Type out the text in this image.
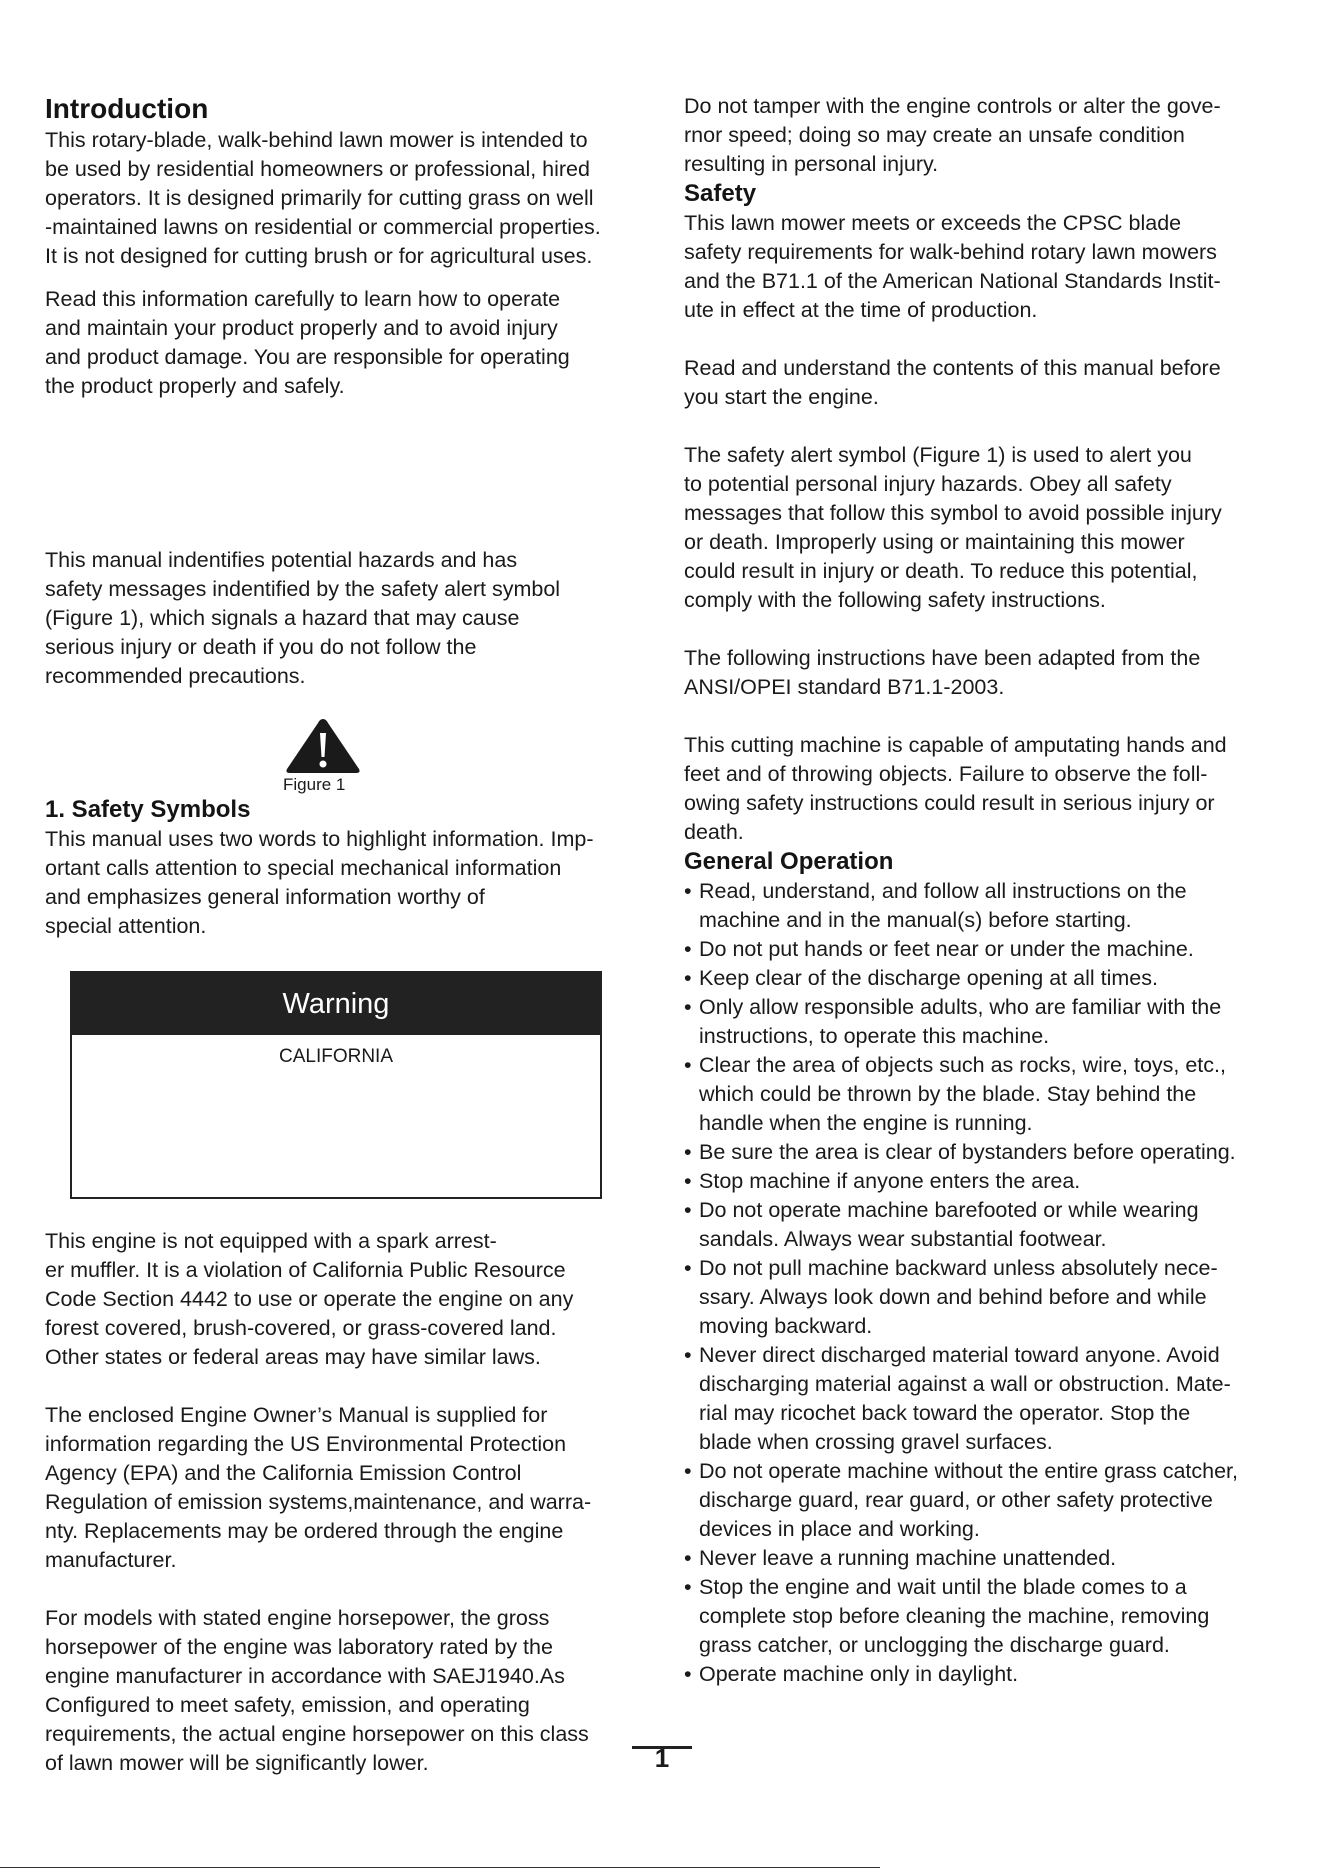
Introduction

This rotary-blade, walk-behind lawn mower is intended to
be used by residential homeowners or professional, hired
operators. It is designed primarily for cutting grass on well
-maintained lawns on residential or commercial properties.
It is not designed for cutting brush or for agricultural uses.

Read this information carefully to learn how to operate
and maintain your product properly and to avoid injury
and product damage. You are responsible for operating
the product properly and safely.

This manual indentifies potential hazards and has
safety messages indentified by the safety alert symbol
(Figure 1), which signals a hazard that may cause
serious injury or death if you do not follow the
recommended precautions.

Figure 1
1. Safety Symbols

This manual uses two words to highlight information. Imp-
ortant calls attention to special mechanical information
and emphasizes general information worthy of
special attention.

Warning
CALIFORNIA

This engine is not equipped with a spark arrest-
er muffler. It is a violation of California Public Resource
Code Section 4442 to use or operate the engine on any
forest covered, brush-covered, or grass-covered land.
Other states or federal areas may have similar laws.

The enclosed Engine Owner’s Manual is supplied for
information regarding the US Environmental Protection
Agency (EPA) and the California Emission Control
Regulation of emission systems,maintenance, and warra-
nty. Replacements may be ordered through the engine
manufacturer.

For models with stated engine horsepower, the gross
horsepower of the engine was laboratory rated by the
engine manufacturer in accordance with SAEJ1940.As
Configured to meet safety, emission, and operating
requirements, the actual engine horsepower on this class
of lawn mower will be significantly lower.

Do not tamper with the engine controls or alter the gove-
rnor speed; doing so may create an unsafe condition
resulting in personal injury.

Safety

This lawn mower meets or exceeds the CPSC blade
safety requirements for walk-behind rotary lawn mowers
and the B71.1 of the American National Standards Instit-
ute in effect at the time of production.

Read and understand the contents of this manual before
you start the engine.

The safety alert symbol (Figure 1) is used to alert you
to potential personal injury hazards. Obey all safety
messages that follow this symbol to avoid possible injury
or death. Improperly using or maintaining this mower
could result in injury or death. To reduce this potential,
comply with the following safety instructions.

The following instructions have been adapted from the
ANSI/OPEI standard B71.1-2003.

This cutting machine is capable of amputating hands and
feet and of throwing objects. Failure to observe the foll-
owing safety instructions could result in serious injury or
death.

General Operation
• Read, understand, and follow all instructions on the
machine and in the manual(s) before starting.
• Do not put hands or feet near or under the machine.
• Keep clear of the discharge opening at all times.
• Only allow responsible adults, who are familiar with the
instructions, to operate this machine.
• Clear the area of objects such as rocks, wire, toys, etc.,
which could be thrown by the blade. Stay behind the
handle when the engine is running.
• Be sure the area is clear of bystanders before operating.
• Stop machine if anyone enters the area.
• Do not operate machine barefooted or while wearing
sandals. Always wear substantial footwear.
• Do not pull machine backward unless absolutely nece-
ssary. Always look down and behind before and while
moving backward.
• Never direct discharged material toward anyone. Avoid
discharging material against a wall or obstruction. Mate-
rial may ricochet back toward the operator. Stop the
blade when crossing gravel surfaces.
• Do not operate machine without the entire grass catcher,
discharge guard, rear guard, or other safety protective
devices in place and working.
• Never leave a running machine unattended.
• Stop the engine and wait until the blade comes to a
complete stop before cleaning the machine, removing
grass catcher, or unclogging the discharge guard.
• Operate machine only in daylight.
1
